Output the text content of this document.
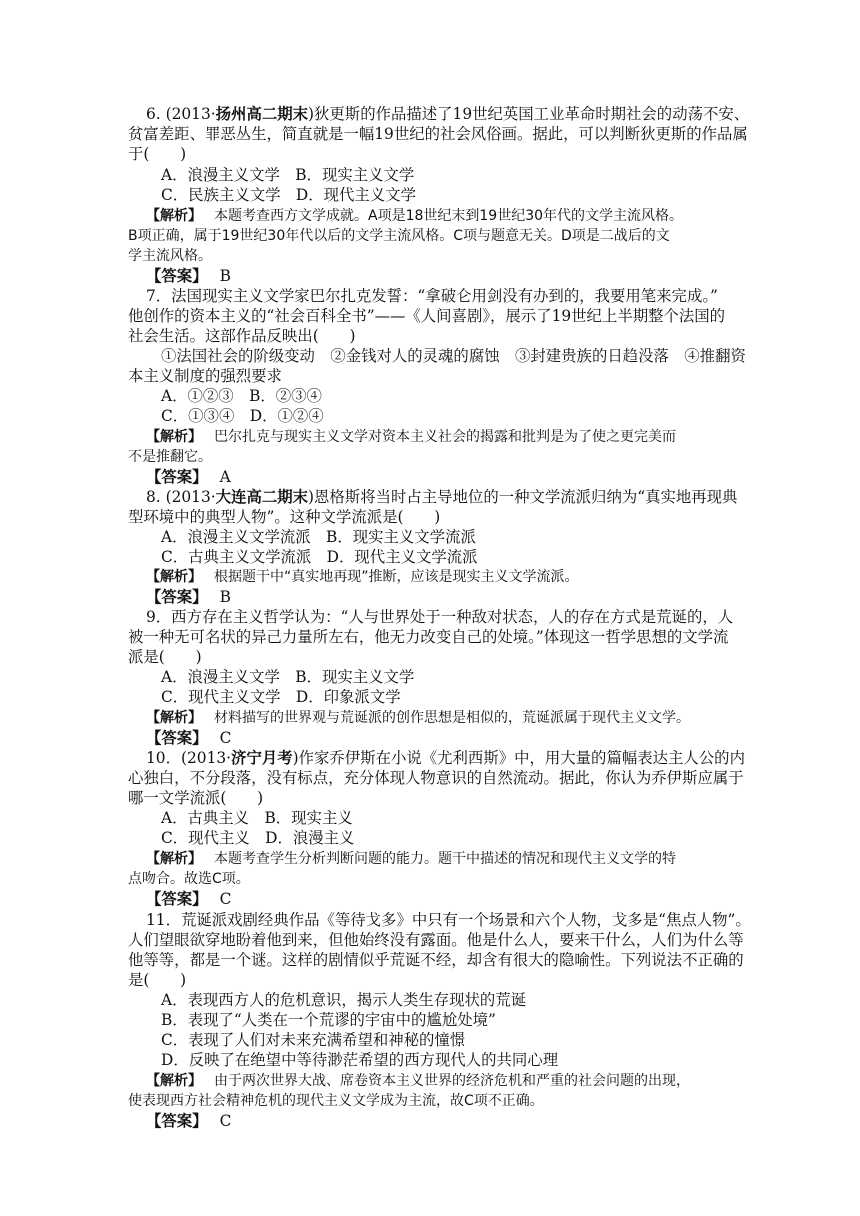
6. (2013·扬州高二期末)狄更斯的作品描述了19世纪英国工业革命时期社会的动荡不安、
贫富差距、罪恶丛生，简直就是一幅19世纪的社会风俗画。据此，可以判断狄更斯的作品属
于(　　)
A．浪漫主义文学　B．现实主义文学
C．民族主义文学　D．现代主义文学
【解析】 本题考查西方文学成就。A项是18世纪末到19世纪30年代的文学主流风格。
B项正确，属于19世纪30年代以后的文学主流风格。C项与题意无关。D项是二战后的文
学主流风格。
【答案】 B
7．法国现实主义文学家巴尔扎克发誓：“拿破仑用剑没有办到的，我要用笔来完成。”
他创作的资本主义的“社会百科全书”——《人间喜剧》，展示了19世纪上半期整个法国的
社会生活。这部作品反映出(　　)
①法国社会的阶级变动　②金钱对人的灵魂的腐蚀　③封建贵族的日趋没落　④推翻资
本主义制度的强烈要求
A．①②③　B．②③④
C．①③④　D．①②④
【解析】 巴尔扎克与现实主义文学对资本主义社会的揭露和批判是为了使之更完美而
不是推翻它。
【答案】 A
8. (2013·大连高二期末)恩格斯将当时占主导地位的一种文学流派归纳为“真实地再现典
型环境中的典型人物”。这种文学流派是(　　)
A．浪漫主义文学流派　B．现实主义文学流派
C．古典主义文学流派　D．现代主义文学流派
【解析】 根据题干中“真实地再现”推断，应该是现实主义文学流派。
【答案】 B
9．西方存在主义哲学认为：“人与世界处于一种敌对状态，人的存在方式是荒诞的，人
被一种无可名状的异己力量所左右，他无力改变自己的处境。”体现这一哲学思想的文学流
派是(　　)
A．浪漫主义文学　B．现实主义文学
C．现代主义文学　D．印象派文学
【解析】 材料描写的世界观与荒诞派的创作思想是相似的，荒诞派属于现代主义文学。
【答案】 C
10．(2013·济宁月考)作家乔伊斯在小说《尤利西斯》中，用大量的篇幅表达主人公的内
心独白，不分段落，没有标点，充分体现人物意识的自然流动。据此，你认为乔伊斯应属于
哪一文学流派(　　)
A．古典主义　B．现实主义
C．现代主义　D．浪漫主义
【解析】 本题考查学生分析判断问题的能力。题干中描述的情况和现代主义文学的特
点吻合。故选C项。
【答案】 C
11．荒诞派戏剧经典作品《等待戈多》中只有一个场景和六个人物，戈多是“焦点人物”。
人们望眼欲穿地盼着他到来，但他始终没有露面。他是什么人，要来干什么，人们为什么等
他等等，都是一个谜。这样的剧情似乎荒诞不经，却含有很大的隐喻性。下列说法不正确的
是(　　)
A．表现西方人的危机意识，揭示人类生存现状的荒诞
B．表现了“人类在一个荒谬的宇宙中的尴尬处境”
C．表现了人们对未来充满希望和神秘的憧憬
D．反映了在绝望中等待渺茫希望的西方现代人的共同心理
【解析】 由于两次世界大战、席卷资本主义世界的经济危机和严重的社会问题的出现，
使表现西方社会精神危机的现代主义文学成为主流，故C项不正确。
【答案】 C
